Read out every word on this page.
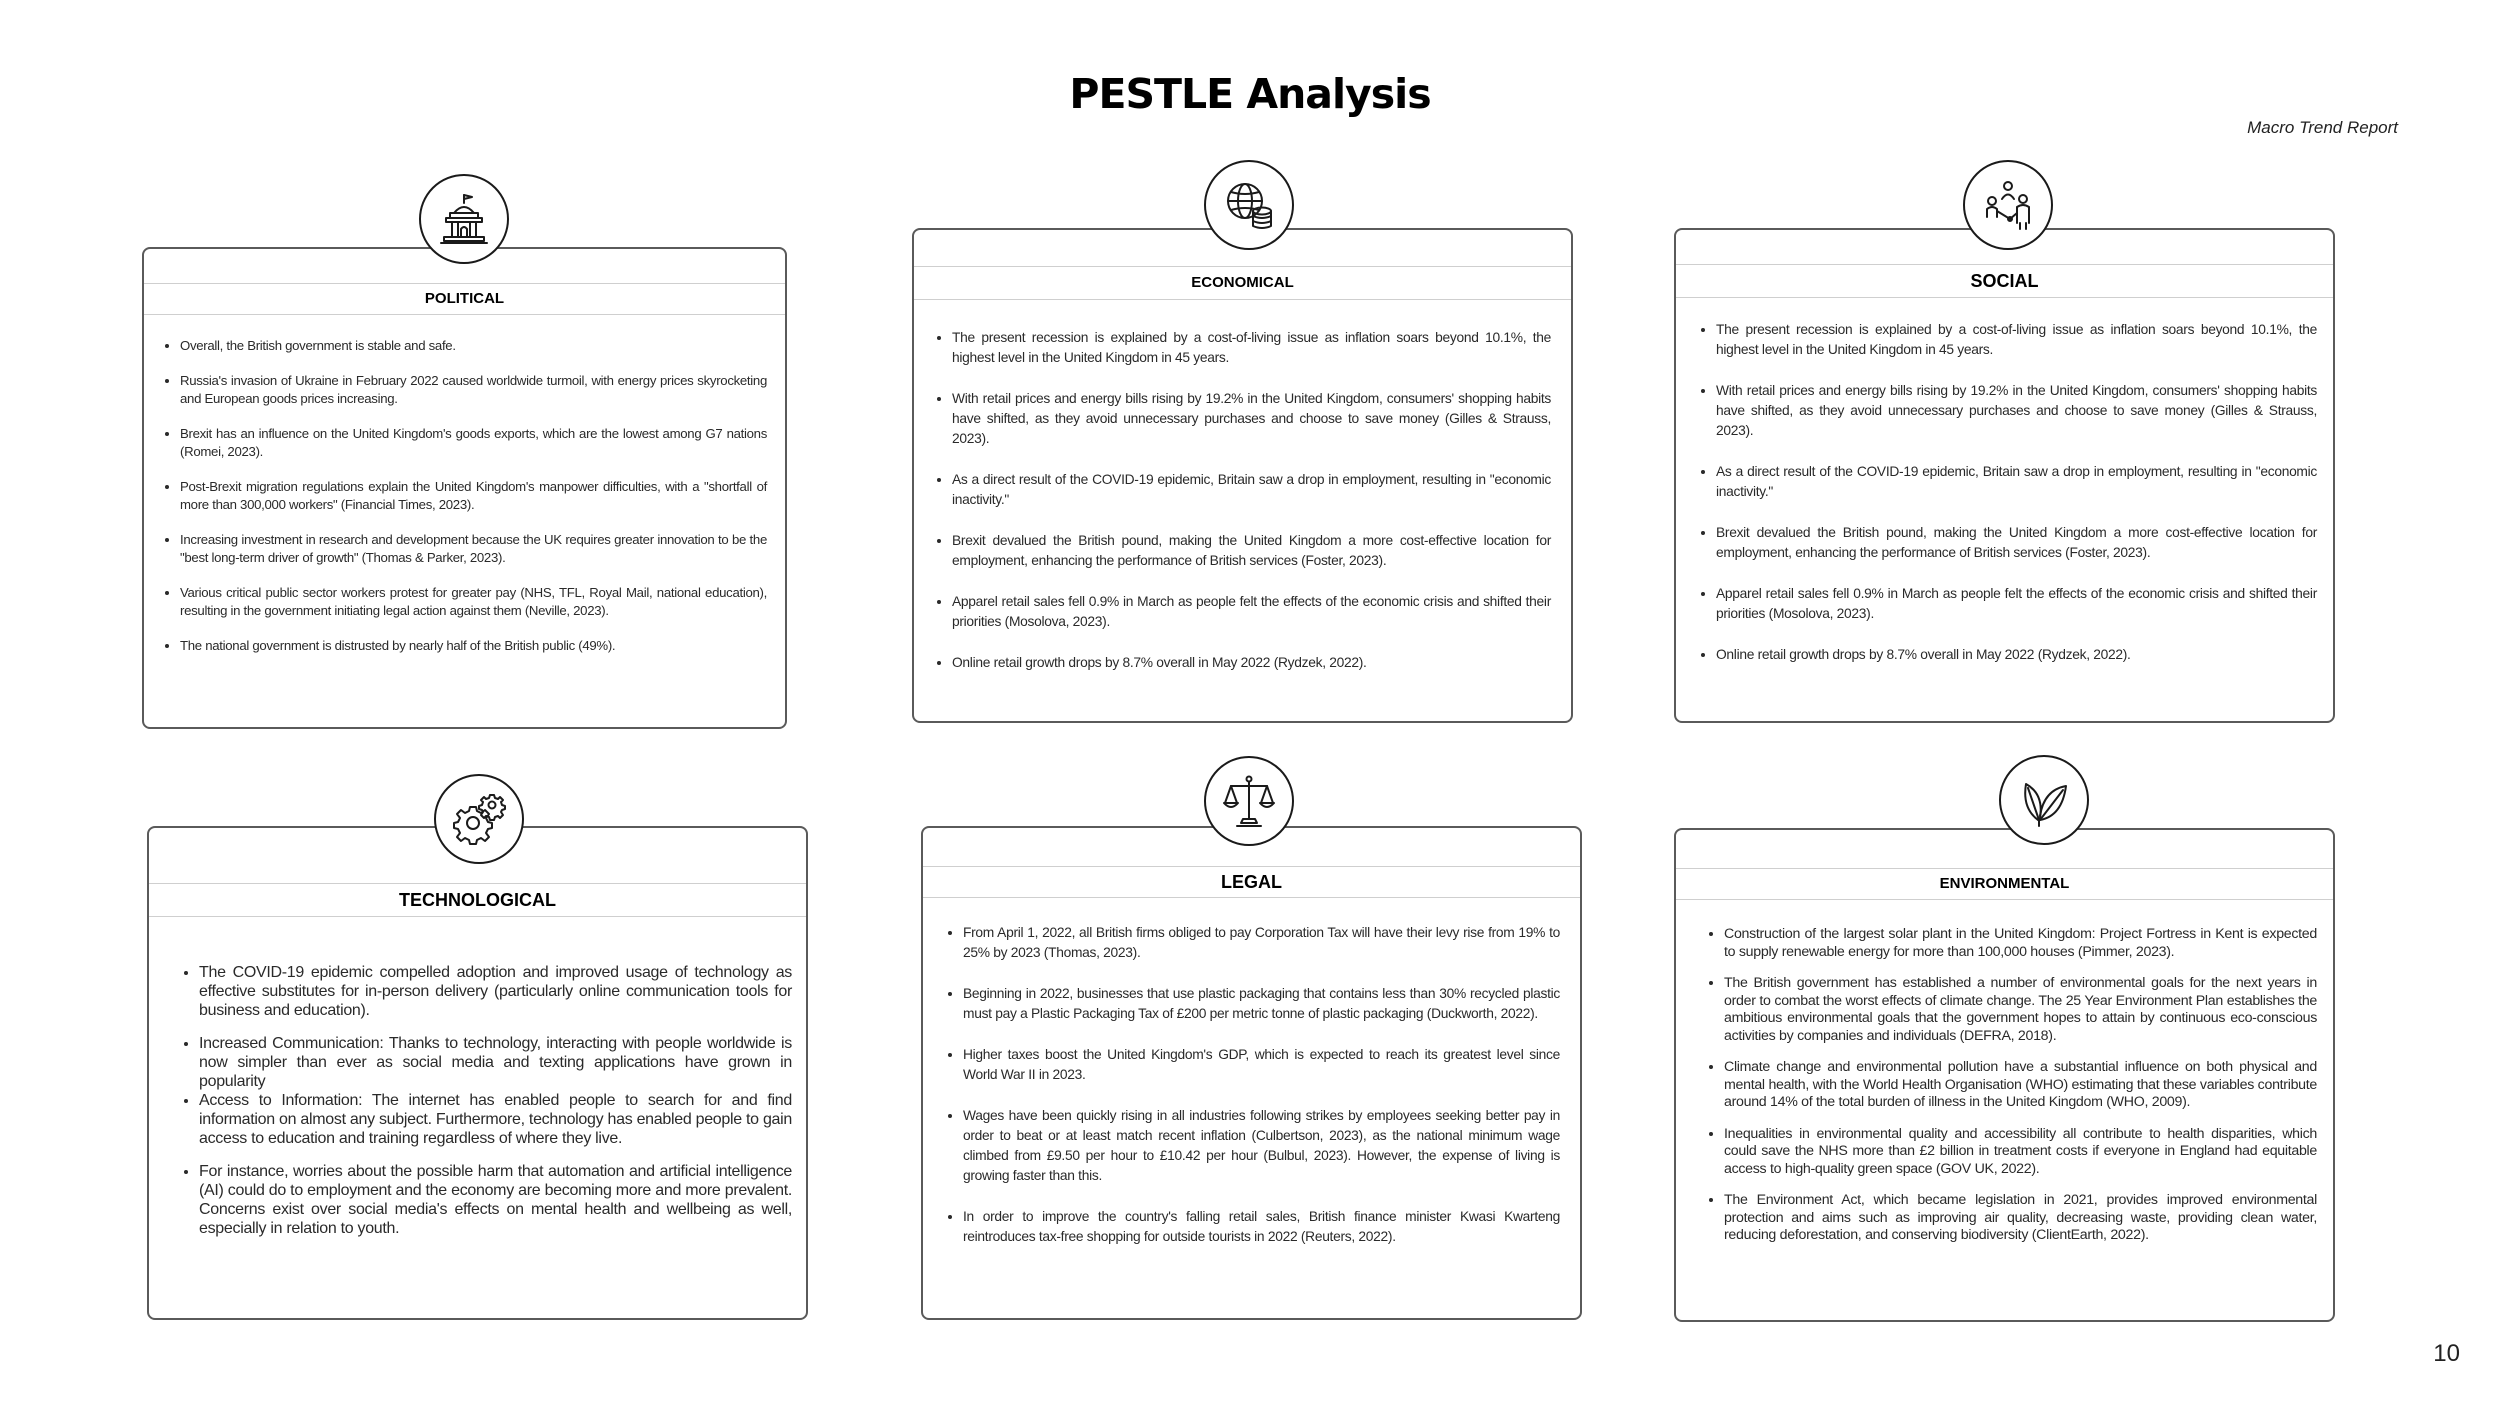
PESTLE Analysis
Macro Trend Report
10
POLITICAL
• Overall, the British government is stable and safe.
• Russia's invasion of Ukraine in February 2022 caused worldwide turmoil, with energy prices skyrocketing and European goods prices increasing.
• Brexit has an influence on the United Kingdom's goods exports, which are the lowest among G7 nations (Romei, 2023).
• Post-Brexit migration regulations explain the United Kingdom's manpower difficulties, with a "shortfall of more than 300,000 workers" (Financial Times, 2023).
• Increasing investment in research and development because the UK requires greater innovation to be the "best long-term driver of growth" (Thomas & Parker, 2023).
• Various critical public sector workers protest for greater pay (NHS, TFL, Royal Mail, national education), resulting in the government initiating legal action against them (Neville, 2023).
• The national government is distrusted by nearly half of the British public (49%).
ECONOMICAL
• The present recession is explained by a cost-of-living issue as inflation soars beyond 10.1%, the highest level in the United Kingdom in 45 years.
• With retail prices and energy bills rising by 19.2% in the United Kingdom, consumers' shopping habits have shifted, as they avoid unnecessary purchases and choose to save money (Gilles & Strauss, 2023).
• As a direct result of the COVID-19 epidemic, Britain saw a drop in employment, resulting in "economic inactivity."
• Brexit devalued the British pound, making the United Kingdom a more cost-effective location for employment, enhancing the performance of British services (Foster, 2023).
• Apparel retail sales fell 0.9% in March as people felt the effects of the economic crisis and shifted their priorities (Mosolova, 2023).
• Online retail growth drops by 8.7% overall in May 2022 (Rydzek, 2022).
SOCIAL
• The present recession is explained by a cost-of-living issue as inflation soars beyond 10.1%, the highest level in the United Kingdom in 45 years.
• With retail prices and energy bills rising by 19.2% in the United Kingdom, consumers' shopping habits have shifted, as they avoid unnecessary purchases and choose to save money (Gilles & Strauss, 2023).
• As a direct result of the COVID-19 epidemic, Britain saw a drop in employment, resulting in "economic inactivity."
• Brexit devalued the British pound, making the United Kingdom a more cost-effective location for employment, enhancing the performance of British services (Foster, 2023).
• Apparel retail sales fell 0.9% in March as people felt the effects of the economic crisis and shifted their priorities (Mosolova, 2023).
• Online retail growth drops by 8.7% overall in May 2022 (Rydzek, 2022).
TECHNOLOGICAL
• The COVID-19 epidemic compelled adoption and improved usage of technology as effective substitutes for in-person delivery (particularly online communication tools for business and education).
• Increased Communication: Thanks to technology, interacting with people worldwide is now simpler than ever as social media and texting applications have grown in popularity
• Access to Information: The internet has enabled people to search for and find information on almost any subject. Furthermore, technology has enabled people to gain access to education and training regardless of where they live.
• For instance, worries about the possible harm that automation and artificial intelligence (AI) could do to employment and the economy are becoming more and more prevalent. Concerns exist over social media's effects on mental health and wellbeing as well, especially in relation to youth.
LEGAL
• From April 1, 2022, all British firms obliged to pay Corporation Tax will have their levy rise from 19% to 25% by 2023 (Thomas, 2023).
• Beginning in 2022, businesses that use plastic packaging that contains less than 30% recycled plastic must pay a Plastic Packaging Tax of £200 per metric tonne of plastic packaging (Duckworth, 2022).
• Higher taxes boost the United Kingdom's GDP, which is expected to reach its greatest level since World War II in 2023.
• Wages have been quickly rising in all industries following strikes by employees seeking better pay in order to beat or at least match recent inflation (Culbertson, 2023), as the national minimum wage climbed from £9.50 per hour to £10.42 per hour (Bulbul, 2023). However, the expense of living is growing faster than this.
• In order to improve the country's falling retail sales, British finance minister Kwasi Kwarteng reintroduces tax-free shopping for outside tourists in 2022 (Reuters, 2022).
ENVIRONMENTAL
• Construction of the largest solar plant in the United Kingdom: Project Fortress in Kent is expected to supply renewable energy for more than 100,000 houses (Pimmer, 2023).
• The British government has established a number of environmental goals for the next years in order to combat the worst effects of climate change. The 25 Year Environment Plan establishes the ambitious environmental goals that the government hopes to attain by continuous eco-conscious activities by companies and individuals (DEFRA, 2018).
• Climate change and environmental pollution have a substantial influence on both physical and mental health, with the World Health Organisation (WHO) estimating that these variables contribute around 14% of the total burden of illness in the United Kingdom (WHO, 2009).
• Inequalities in environmental quality and accessibility all contribute to health disparities, which could save the NHS more than £2 billion in treatment costs if everyone in England had equitable access to high-quality green space (GOV UK, 2022).
• The Environment Act, which became legislation in 2021, provides improved environmental protection and aims such as improving air quality, decreasing waste, providing clean water, reducing deforestation, and conserving biodiversity (ClientEarth, 2022).
